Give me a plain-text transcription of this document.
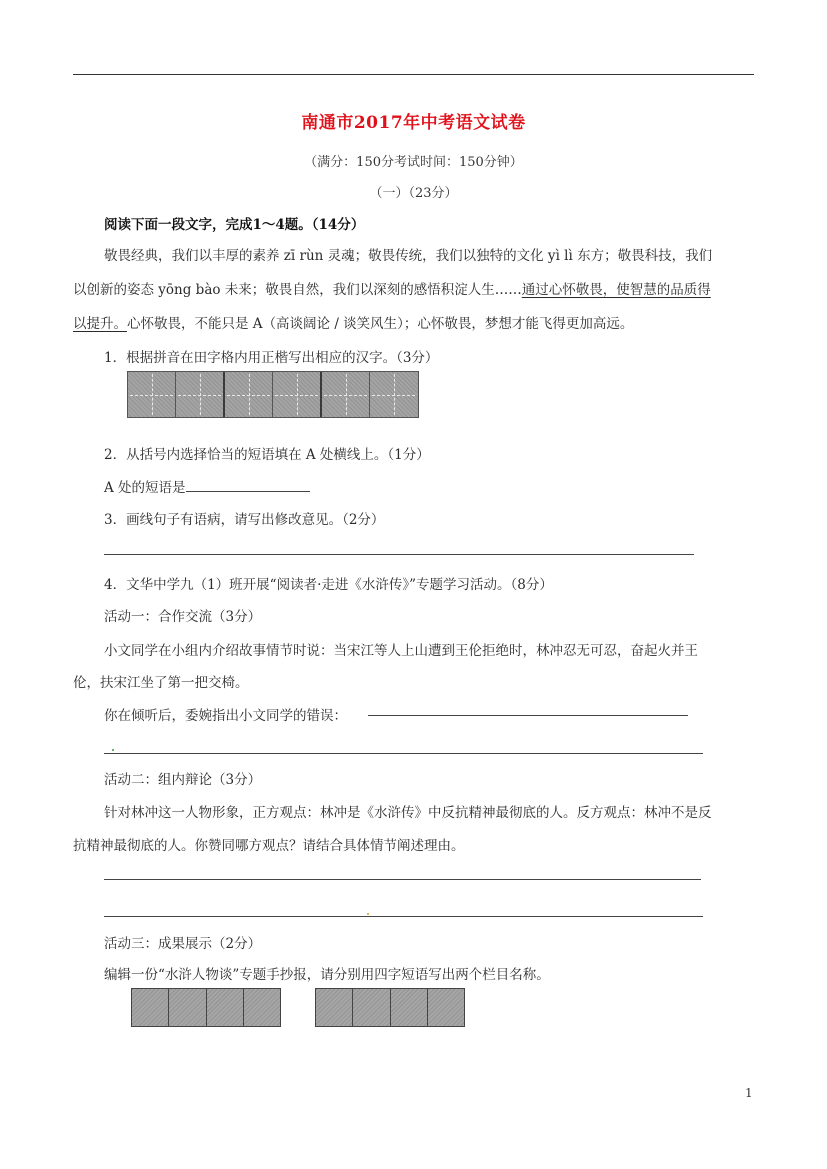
南通市2017年中考语文试卷
（满分：150分考试时间：150分钟）
（一）（23分）
阅读下面一段文字，完成1～4题。（14分）
敬畏经典，我们以丰厚的素养 zī rùn 灵魂；敬畏传统，我们以独特的文化 yì lì 东方；敬畏科技，我们
以创新的姿态 yōng bào 未来；敬畏自然，我们以深刻的感悟积淀人生……通过心怀敬畏，使智慧的品质得
以提升。心怀敬畏，不能只是 A（高谈阔论 / 谈笑风生）；心怀敬畏，梦想才能飞得更加高远。
1．根据拼音在田字格内用正楷写出相应的汉字。（3分）
2．从括号内选择恰当的短语填在 A 处横线上。（1分）
A 处的短语是
3．画线句子有语病，请写出修改意见。（2分）
4．文华中学九（1）班开展“阅读者·走进《水浒传》”专题学习活动。（8分）
活动一：合作交流（3分）
小文同学在小组内介绍故事情节时说：当宋江等人上山遭到王伦拒绝时，林冲忍无可忍，奋起火并王
伦，扶宋江坐了第一把交椅。
你在倾听后，委婉指出小文同学的错误：
活动二：组内辩论（3分）
针对林冲这一人物形象，正方观点：林冲是《水浒传》中反抗精神最彻底的人。反方观点：林冲不是反
抗精神最彻底的人。你赞同哪方观点？请结合具体情节阐述理由。
活动三：成果展示（2分）
编辑一份“水浒人物谈”专题手抄报，请分别用四字短语写出两个栏目名称。
1
